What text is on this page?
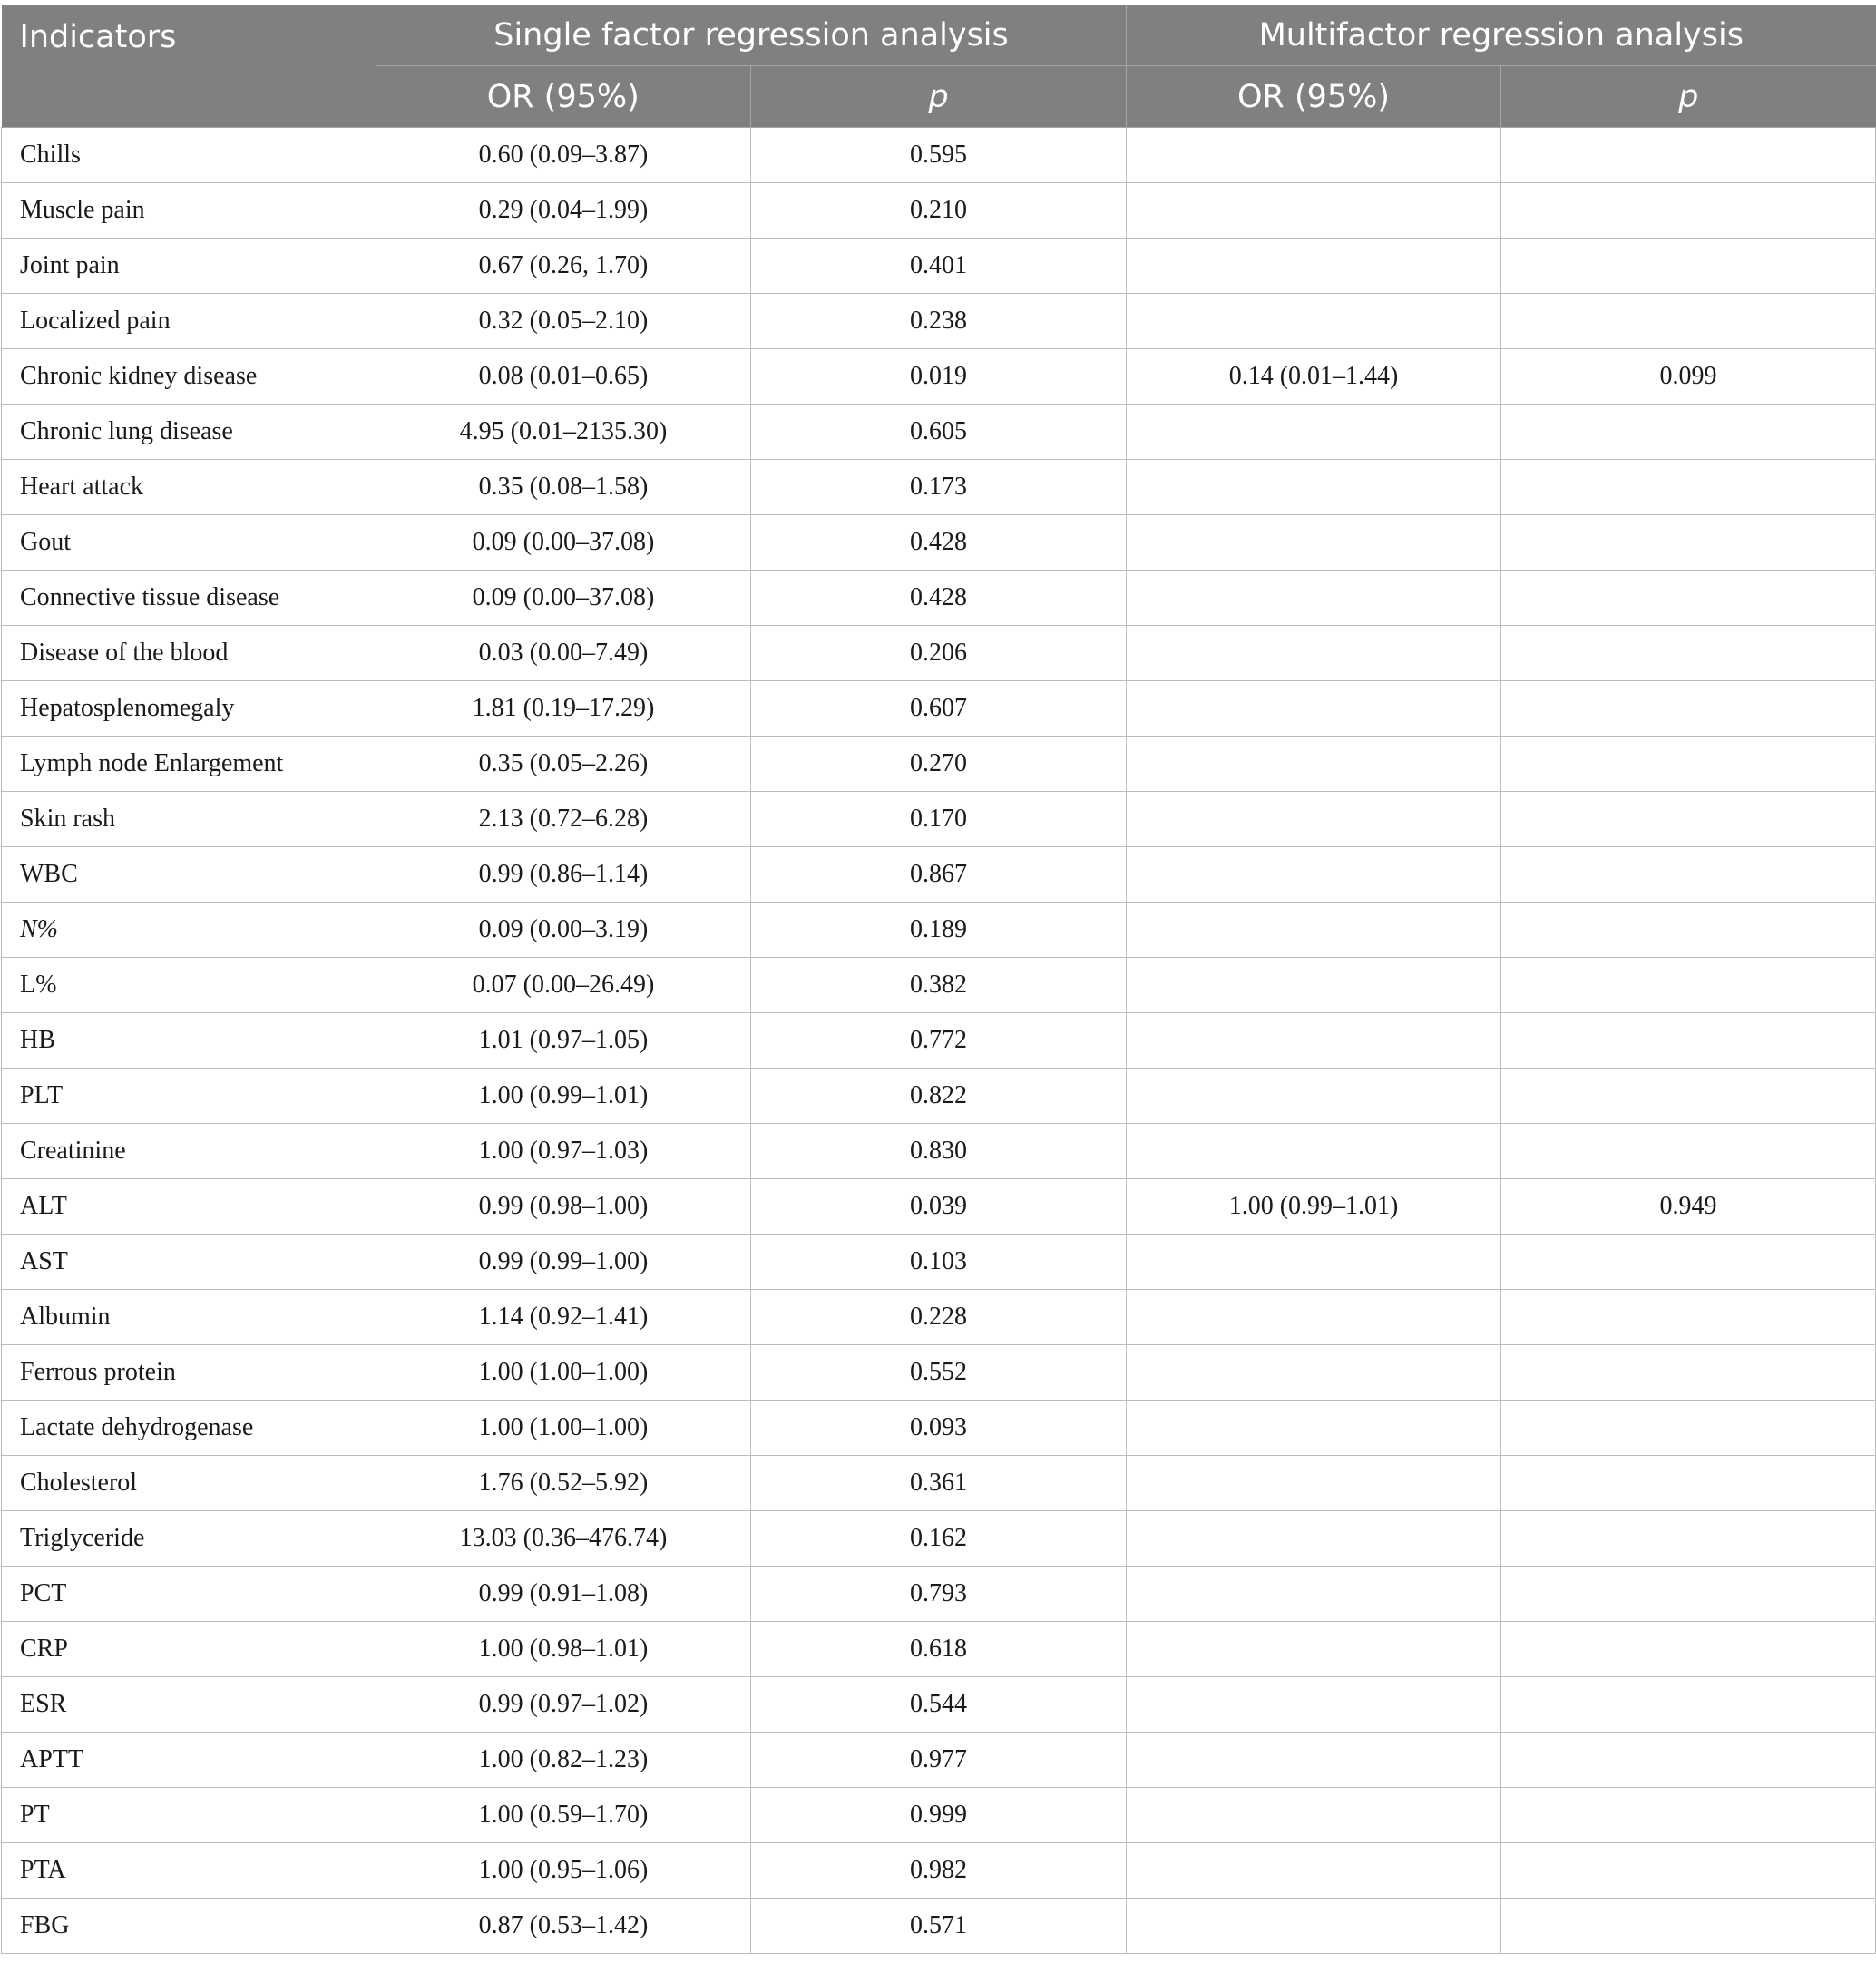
Indicators	Single factor regression analysis		Multifactor regression analysis	
	OR (95%)	p	OR (95%)	p
Chills	0.60 (0.09–3.87)	0.595		
Muscle pain	0.29 (0.04–1.99)	0.210		
Joint pain	0.67 (0.26, 1.70)	0.401		
Localized pain	0.32 (0.05–2.10)	0.238		
Chronic kidney disease	0.08 (0.01–0.65)	0.019	0.14 (0.01–1.44)	0.099
Chronic lung disease	4.95 (0.01–2135.30)	0.605		
Heart attack	0.35 (0.08–1.58)	0.173		
Gout	0.09 (0.00–37.08)	0.428		
Connective tissue disease	0.09 (0.00–37.08)	0.428		
Disease of the blood	0.03 (0.00–7.49)	0.206		
Hepatosplenomegaly	1.81 (0.19–17.29)	0.607		
Lymph node Enlargement	0.35 (0.05–2.26)	0.270		
Skin rash	2.13 (0.72–6.28)	0.170		
WBC	0.99 (0.86–1.14)	0.867		
N%	0.09 (0.00–3.19)	0.189		
L%	0.07 (0.00–26.49)	0.382		
HB	1.01 (0.97–1.05)	0.772		
PLT	1.00 (0.99–1.01)	0.822		
Creatinine	1.00 (0.97–1.03)	0.830		
ALT	0.99 (0.98–1.00)	0.039	1.00 (0.99–1.01)	0.949
AST	0.99 (0.99–1.00)	0.103		
Albumin	1.14 (0.92–1.41)	0.228		
Ferrous protein	1.00 (1.00–1.00)	0.552		
Lactate dehydrogenase	1.00 (1.00–1.00)	0.093		
Cholesterol	1.76 (0.52–5.92)	0.361		
Triglyceride	13.03 (0.36–476.74)	0.162		
PCT	0.99 (0.91–1.08)	0.793		
CRP	1.00 (0.98–1.01)	0.618		
ESR	0.99 (0.97–1.02)	0.544		
APTT	1.00 (0.82–1.23)	0.977		
PT	1.00 (0.59–1.70)	0.999		
PTA	1.00 (0.95–1.06)	0.982		
FBG	0.87 (0.53–1.42)	0.571		
